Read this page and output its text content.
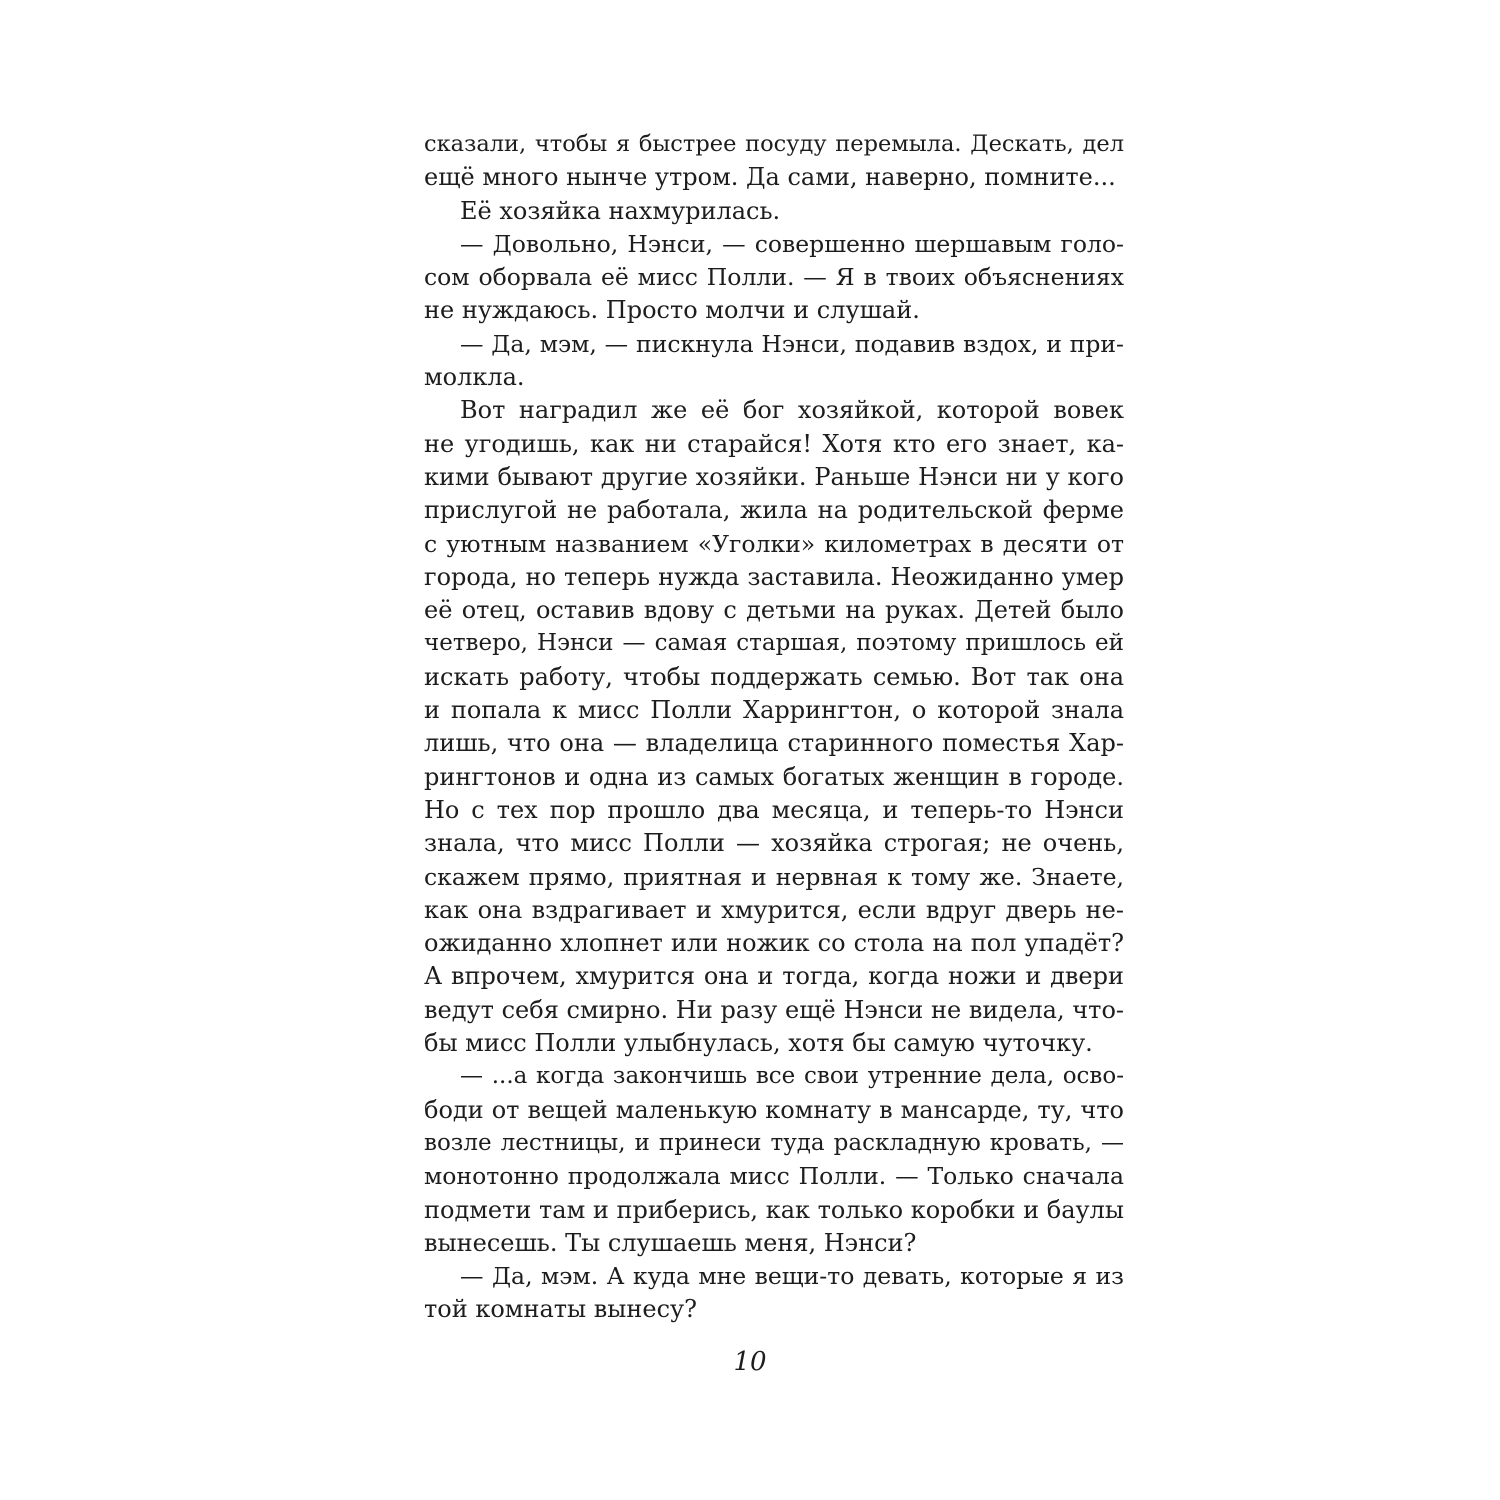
сказали, чтобы я быстрее посуду перемыла. Дескать, дел
ещё много нынче утром. Да сами, наверно, помните...
Её хозяйка нахмурилась.
— Довольно, Нэнси, — совершенно шершавым голо-
сом оборвала её мисс Полли. — Я в твоих объяснениях
не нуждаюсь. Просто молчи и слушай.
— Да, мэм, — пискнула Нэнси, подавив вздох, и при-
молкла.
Вот наградил же её бог хозяйкой, которой вовек
не угодишь, как ни старайся! Хотя кто его знает, ка-
кими бывают другие хозяйки. Раньше Нэнси ни у кого
прислугой не работала, жила на родительской ферме
с уютным названием «Уголки» километрах в десяти от
города, но теперь нужда заставила. Неожиданно умер
её отец, оставив вдову с детьми на руках. Детей было
четверо, Нэнси — самая старшая, поэтому пришлось ей
искать работу, чтобы поддержать семью. Вот так она
и попала к мисс Полли Харрингтон, о которой знала
лишь, что она — владелица старинного поместья Хар-
рингтонов и одна из самых богатых женщин в городе.
Но с тех пор прошло два месяца, и теперь-то Нэнси
знала, что мисс Полли — хозяйка строгая; не очень,
скажем прямо, приятная и нервная к тому же. Знаете,
как она вздрагивает и хмурится, если вдруг дверь не-
ожиданно хлопнет или ножик со стола на пол упадёт?
А впрочем, хмурится она и тогда, когда ножи и двери
ведут себя смирно. Ни разу ещё Нэнси не видела, что-
бы мисс Полли улыбнулась, хотя бы самую чуточку.
— ...а когда закончишь все свои утренние дела, осво-
боди от вещей маленькую комнату в мансарде, ту, что
возле лестницы, и принеси туда раскладную кровать, —
монотонно продолжала мисс Полли. — Только сначала
подмети там и приберись, как только коробки и баулы
вынесешь. Ты слушаешь меня, Нэнси?
— Да, мэм. А куда мне вещи-то девать, которые я из
той комнаты вынесу?
10
